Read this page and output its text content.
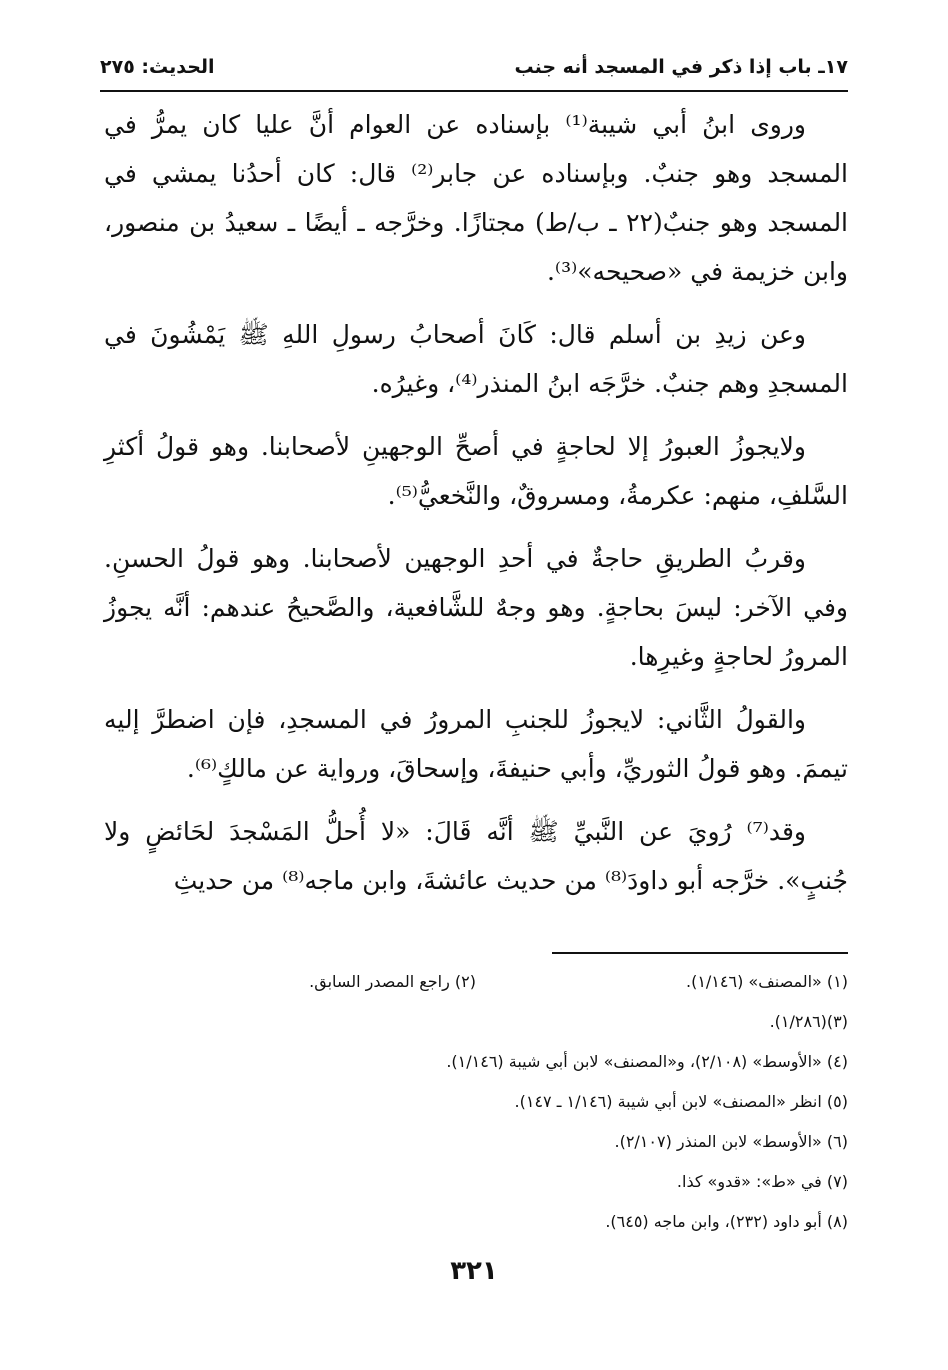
١٧ـ باب إذا ذكر في المسجد أنه جنب
الحديث: ٢٧٥

وروى ابنُ أبي شيبة⁽¹⁾ بإسناده عن العوام أنَّ عليا كان يمرُّ في المسجد وهو جنبٌ. وبإسناده عن جابر⁽²⁾ قال: كان أحدُنا يمشي في المسجد وهو جنبٌ(٢٢ ـ ب/ط) مجتازًا. وخرَّجه ـ أيضًا ـ سعيدُ بن منصور، وابن خزيمة في «صحيحه»⁽³⁾.

وعن زيدِ بن أسلم قال: كَانَ أصحابُ رسولِ اللهِ ﷺ يَمْشُونَ في المسجدِ وهم جنبٌ. خرَّجَه ابنُ المنذر⁽⁴⁾، وغيرُه.

ولايجوزُ العبورُ إلا لحاجةٍ في أصحِّ الوجهينِ لأصحابنا. وهو قولُ أكثرِ السَّلفِ، منهم: عكرمةُ، ومسروقٌ، والنَّخعيُّ⁽⁵⁾.

وقربُ الطريقِ حاجةٌ في أحدِ الوجهين لأصحابنا. وهو قولُ الحسنِ. وفي الآخر: ليسَ بحاجةٍ. وهو وجهٌ للشَّافعية، والصَّحيحُ عندهم: أنَّه يجوزُ المرورُ لحاجةٍ وغيرِها.

والقولُ الثَّاني: لايجوزُ للجنبِ المرورُ في المسجدِ، فإن اضطرَّ إليه تيممَ. وهو قولُ الثوريِّ، وأبي حنيفةَ، وإسحاقَ، ورواية عن مالكٍ⁽⁶⁾.

وقد⁽⁷⁾ رُويَ عن النَّبيِّ ﷺ أنَّه قَالَ: «لا أُحلُّ المَسْجدَ لحَائضٍ ولا جُنبٍ». خرَّجه أبو داودَ⁽⁸⁾ من حديث عائشةَ، وابن ماجه⁽⁸⁾ من حديثِ

(١) «المصنف» (١/١٤٦).
(٢) راجع المصدر السابق.
(٣)(١/٢٨٦).
(٤) «الأوسط» (٢/١٠٨)، و«المصنف» لابن أبي شيبة (١/١٤٦).
(٥) انظر «المصنف» لابن أبي شيبة (١/١٤٦ ـ ١٤٧).
(٦) «الأوسط» لابن المنذر (٢/١٠٧).
(٧) في «ط»: «قدو» كذا.
(٨) أبو داود (٢٣٢)، وابن ماجه (٦٤٥).
٣٢١
